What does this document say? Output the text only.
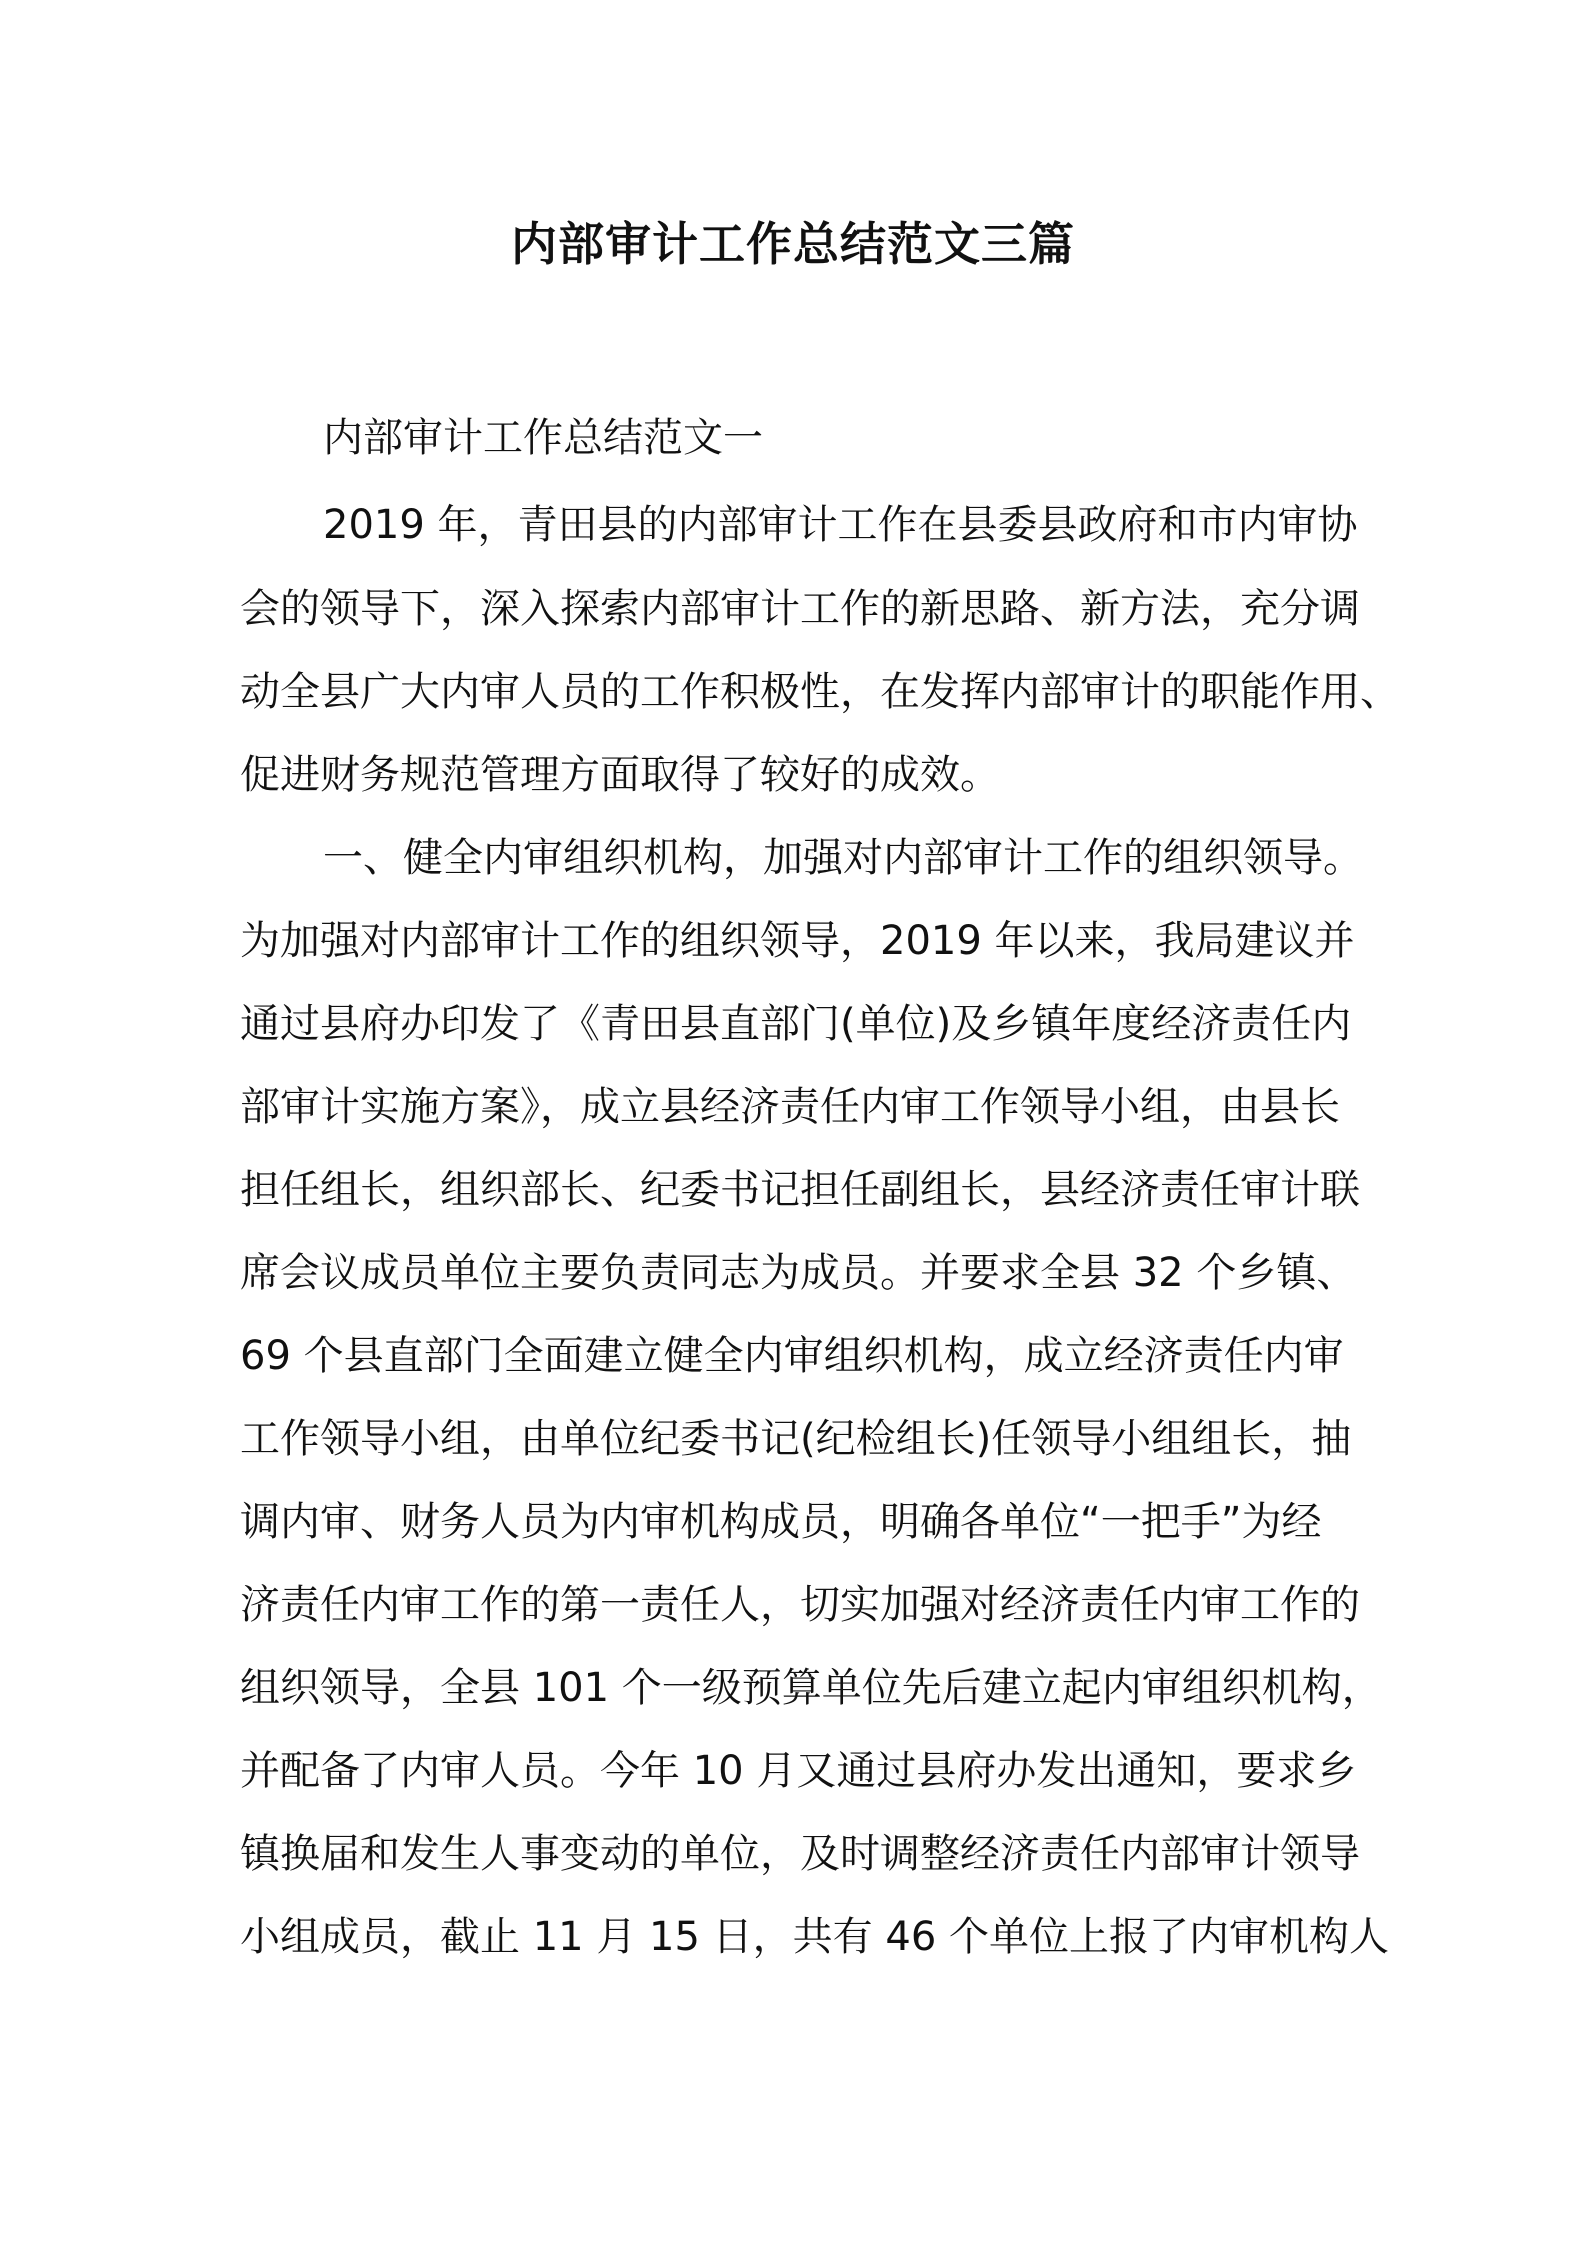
内部审计工作总结范文三篇

内部审计工作总结范文一

2019 年，青田县的内部审计工作在县委县政府和市内审协

会的领导下，深入探索内部审计工作的新思路、新方法，充分调

动全县广大内审人员的工作积极性，在发挥内部审计的职能作用、

促进财务规范管理方面取得了较好的成效。

一、健全内审组织机构，加强对内部审计工作的组织领导。

为加强对内部审计工作的组织领导，2019 年以来，我局建议并

通过县府办印发了《青田县直部门(单位)及乡镇年度经济责任内

部审计实施方案》，成立县经济责任内审工作领导小组，由县长

担任组长，组织部长、纪委书记担任副组长，县经济责任审计联

席会议成员单位主要负责同志为成员。并要求全县 32 个乡镇、

69 个县直部门全面建立健全内审组织机构，成立经济责任内审

工作领导小组，由单位纪委书记(纪检组长)任领导小组组长，抽

调内审、财务人员为内审机构成员，明确各单位“一把手”为经

济责任内审工作的第一责任人，切实加强对经济责任内审工作的

组织领导，全县 101 个一级预算单位先后建立起内审组织机构，

并配备了内审人员。今年 10 月又通过县府办发出通知，要求乡

镇换届和发生人事变动的单位，及时调整经济责任内部审计领导

小组成员，截止 11 月 15 日，共有 46 个单位上报了内审机构人
